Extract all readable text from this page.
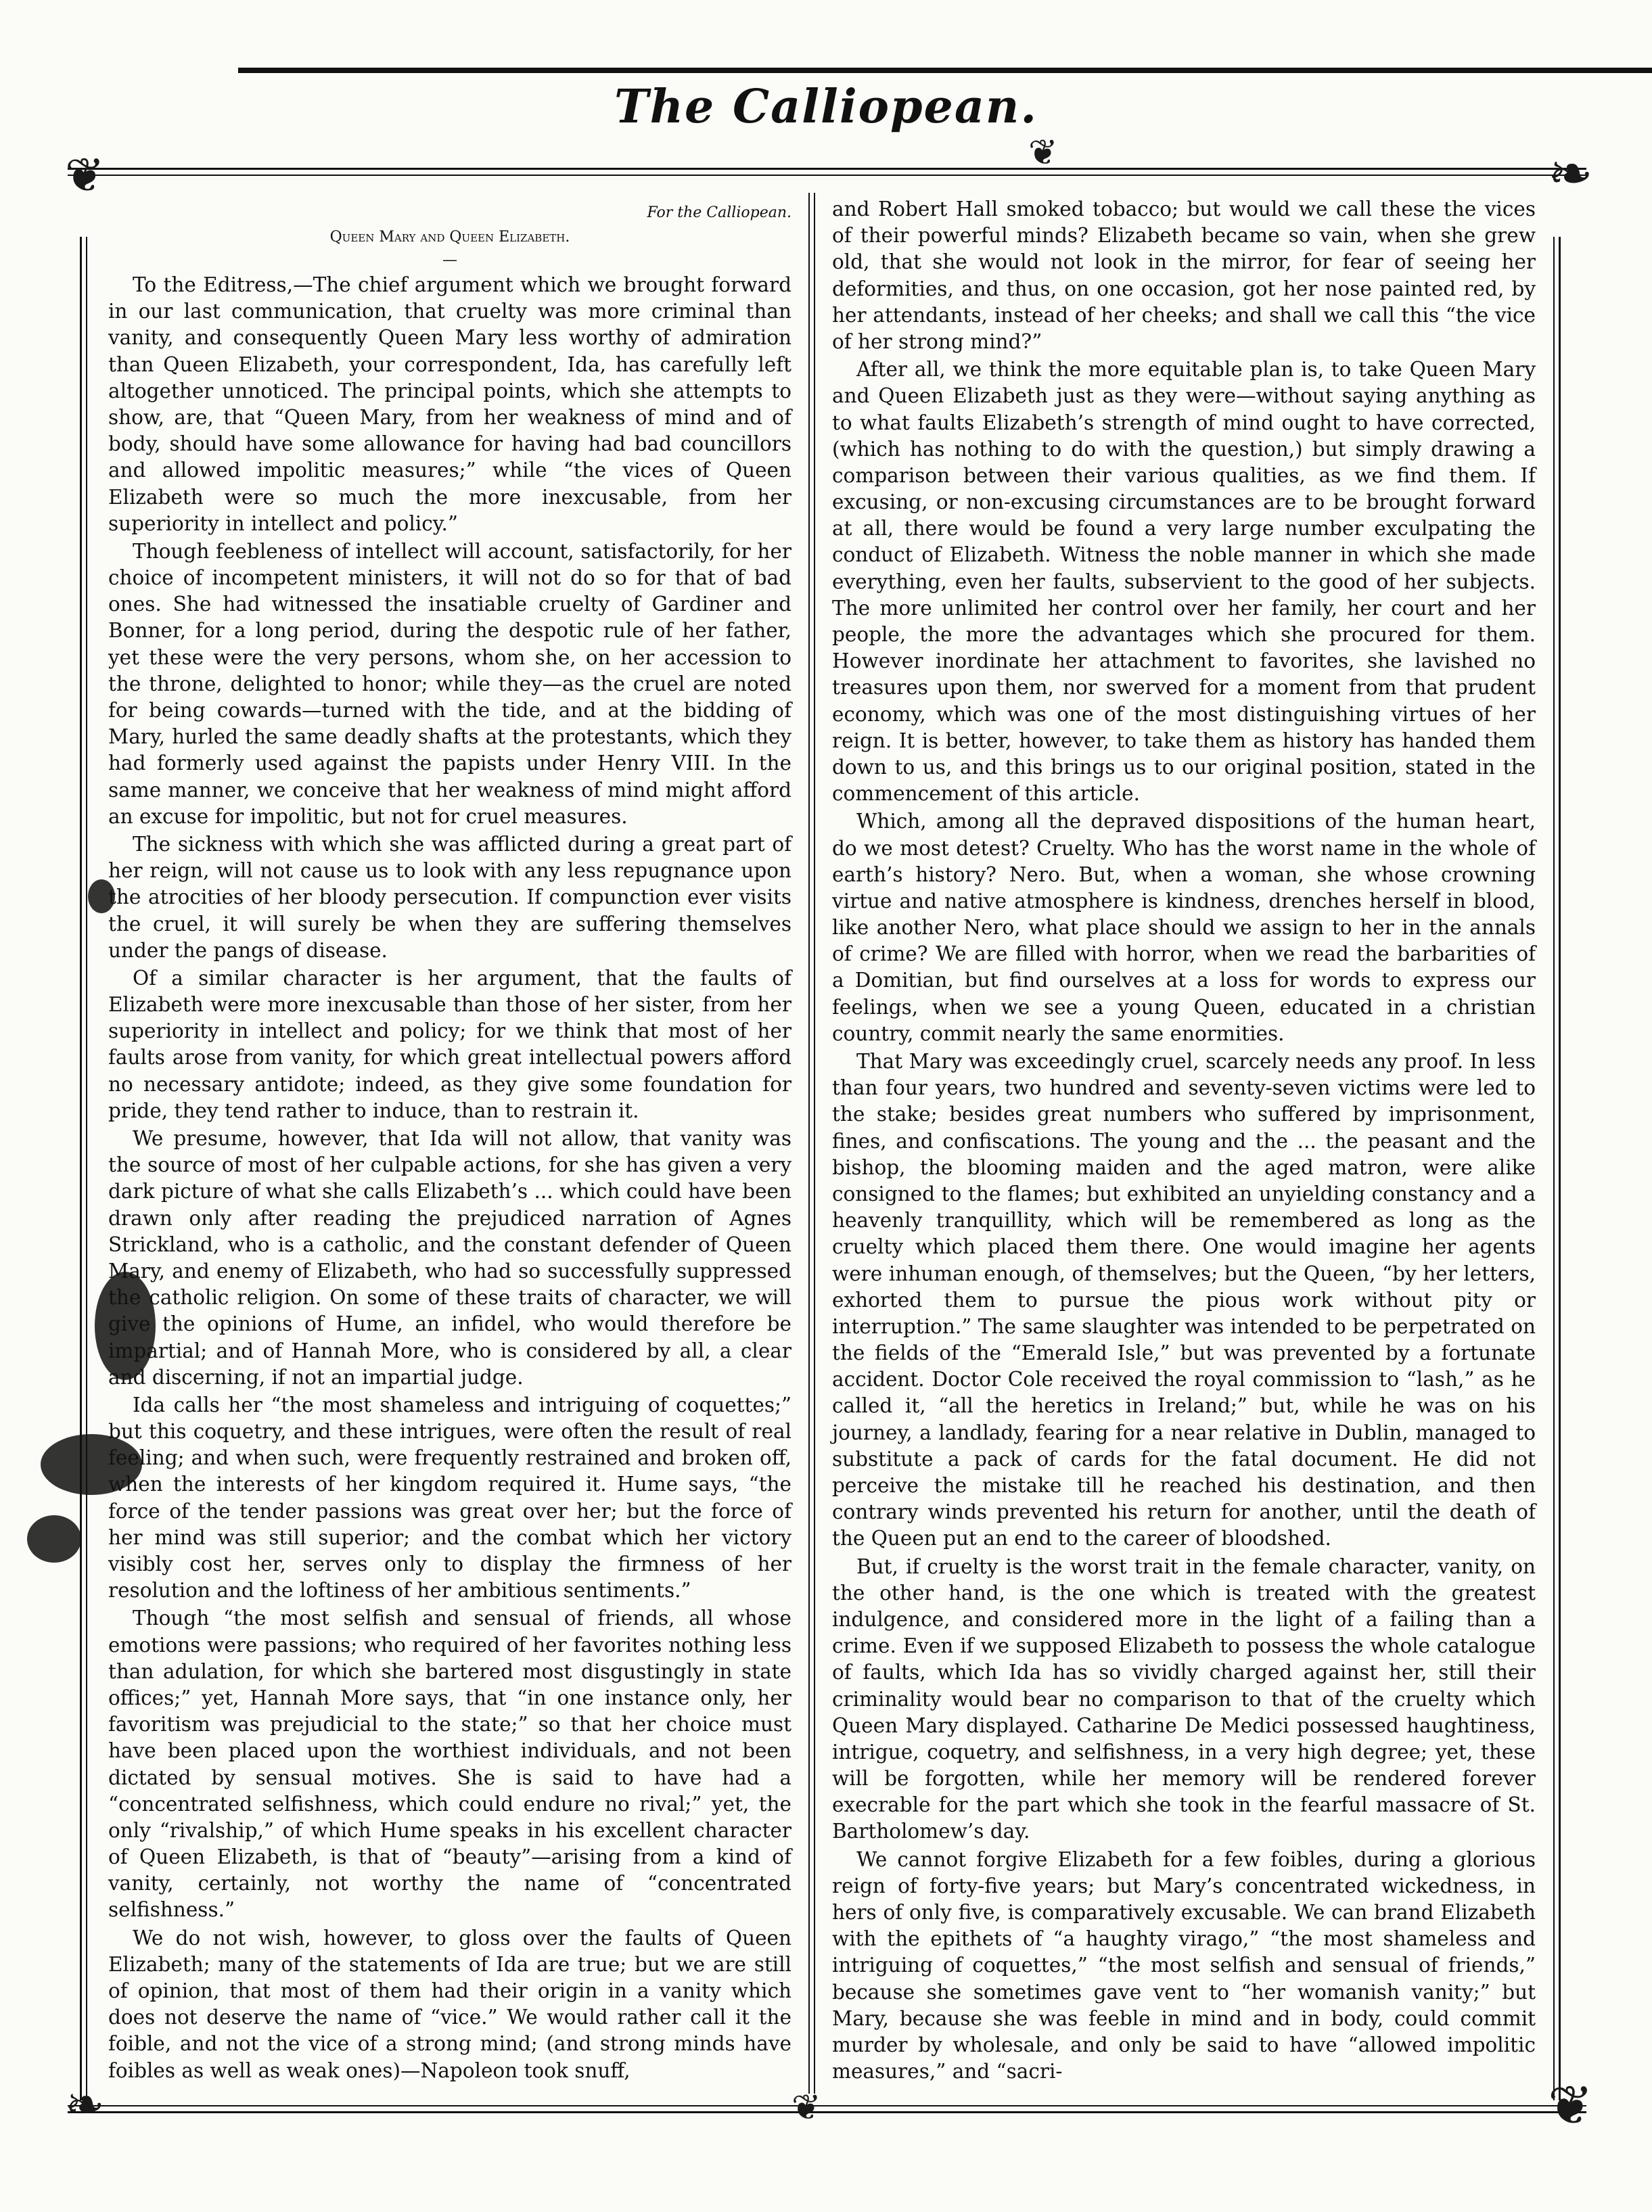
The Calliopean.
❦	❧
❧	❦
❦
❦
For the Calliopean.
Queen Mary and Queen Elizabeth.
—

To the Editress,—The chief argument which we brought forward in our last communication, that cruelty was more criminal than vanity, and consequently Queen Mary less worthy of admiration than Queen Elizabeth, your correspondent, Ida, has carefully left altogether unnoticed. The principal points, which she attempts to show, are, that “Queen Mary, from her weakness of mind and of body, should have some allowance for having had bad councillors and allowed impolitic measures;” while “the vices of Queen Elizabeth were so much the more inexcusable, from her superiority in intellect and policy.”

Though feebleness of intellect will account, satisfactorily, for her choice of incompetent ministers, it will not do so for that of bad ones. She had witnessed the insatiable cruelty of Gardiner and Bonner, for a long period, during the despotic rule of her father, yet these were the very persons, whom she, on her accession to the throne, delighted to honor; while they—as the cruel are noted for being cowards—turned with the tide, and at the bidding of Mary, hurled the same deadly shafts at the protestants, which they had formerly used against the papists under Henry VIII. In the same manner, we conceive that her weakness of mind might afford an excuse for impolitic, but not for cruel measures.

The sickness with which she was afflicted during a great part of her reign, will not cause us to look with any less repugnance upon the atrocities of her bloody persecution. If compunction ever visits the cruel, it will surely be when they are suffering themselves under the pangs of disease.

Of a similar character is her argument, that the faults of Elizabeth were more inexcusable than those of her sister, from her superiority in intellect and policy; for we think that most of her faults arose from vanity, for which great intellectual powers afford no necessary antidote; indeed, as they give some foundation for pride, they tend rather to induce, than to restrain it.

We presume, however, that Ida will not allow, that vanity was the source of most of her culpable actions, for she has given a very dark picture of what she calls Elizabeth’s ... which could have been drawn only after reading the prejudiced narration of Agnes Strickland, who is a catholic, and the constant defender of Queen Mary, and enemy of Elizabeth, who had so successfully suppressed the catholic religion. On some of these traits of character, we will give the opinions of Hume, an infidel, who would therefore be impartial; and of Hannah More, who is considered by all, a clear and discerning, if not an impartial judge.

Ida calls her “the most shameless and intriguing of coquettes;” but this coquetry, and these intrigues, were often the result of real feeling; and when such, were frequently restrained and broken off, when the interests of her kingdom required it. Hume says, “the force of the tender passions was great over her; but the force of her mind was still superior; and the combat which her victory visibly cost her, serves only to display the firmness of her resolution and the loftiness of her ambitious sentiments.”

Though “the most selfish and sensual of friends, all whose emotions were passions; who required of her favorites nothing less than adulation, for which she bartered most disgustingly in state offices;” yet, Hannah More says, that “in one instance only, her favoritism was prejudicial to the state;” so that her choice must have been placed upon the worthiest individuals, and not been dictated by sensual motives. She is said to have had a “concentrated selfishness, which could endure no rival;” yet, the only “rivalship,” of which Hume speaks in his excellent character of Queen Elizabeth, is that of “beauty”—arising from a kind of vanity, certainly, not worthy the name of “concentrated selfishness.”

We do not wish, however, to gloss over the faults of Queen Elizabeth; many of the statements of Ida are true; but we are still of opinion, that most of them had their origin in a vanity which does not deserve the name of “vice.” We would rather call it the foible, and not the vice of a strong mind; (and strong minds have foibles as well as weak ones)—Napoleon took snuff,

and Robert Hall smoked tobacco; but would we call these the vices of their powerful minds? Elizabeth became so vain, when she grew old, that she would not look in the mirror, for fear of seeing her deformities, and thus, on one occasion, got her nose painted red, by her attendants, instead of her cheeks; and shall we call this “the vice of her strong mind?”

After all, we think the more equitable plan is, to take Queen Mary and Queen Elizabeth just as they were—without saying anything as to what faults Elizabeth’s strength of mind ought to have corrected, (which has nothing to do with the question,) but simply drawing a comparison between their various qualities, as we find them. If excusing, or non-excusing circumstances are to be brought forward at all, there would be found a very large number exculpating the conduct of Elizabeth. Witness the noble manner in which she made everything, even her faults, subservient to the good of her subjects. The more unlimited her control over her family, her court and her people, the more the advantages which she procured for them. However inordinate her attachment to favorites, she lavished no treasures upon them, nor swerved for a moment from that prudent economy, which was one of the most distinguishing virtues of her reign. It is better, however, to take them as history has handed them down to us, and this brings us to our original position, stated in the commencement of this article.

Which, among all the depraved dispositions of the human heart, do we most detest? Cruelty. Who has the worst name in the whole of earth’s history? Nero. But, when a woman, she whose crowning virtue and native atmosphere is kindness, drenches herself in blood, like another Nero, what place should we assign to her in the annals of crime? We are filled with horror, when we read the barbarities of a Domitian, but find ourselves at a loss for words to express our feelings, when we see a young Queen, educated in a christian country, commit nearly the same enormities.

That Mary was exceedingly cruel, scarcely needs any proof. In less than four years, two hundred and seventy-seven victims were led to the stake; besides great numbers who suffered by imprisonment, fines, and confiscations. The young and the ... the peasant and the bishop, the blooming maiden and the aged matron, were alike consigned to the flames; but exhibited an unyielding constancy and a heavenly tranquillity, which will be remembered as long as the cruelty which placed them there. One would imagine her agents were inhuman enough, of themselves; but the Queen, “by her letters, exhorted them to pursue the pious work without pity or interruption.” The same slaughter was intended to be perpetrated on the fields of the “Emerald Isle,” but was prevented by a fortunate accident. Doctor Cole received the royal commission to “lash,” as he called it, “all the heretics in Ireland;” but, while he was on his journey, a landlady, fearing for a near relative in Dublin, managed to substitute a pack of cards for the fatal document. He did not perceive the mistake till he reached his destination, and then contrary winds prevented his return for another, until the death of the Queen put an end to the career of bloodshed.

But, if cruelty is the worst trait in the female character, vanity, on the other hand, is the one which is treated with the greatest indulgence, and considered more in the light of a failing than a crime. Even if we supposed Elizabeth to possess the whole catalogue of faults, which Ida has so vividly charged against her, still their criminality would bear no comparison to that of the cruelty which Queen Mary displayed. Catharine De Medici possessed haughtiness, intrigue, coquetry, and selfishness, in a very high degree; yet, these will be forgotten, while her memory will be rendered forever execrable for the part which she took in the fearful massacre of St. Bartholomew’s day.

We cannot forgive Elizabeth for a few foibles, during a glorious reign of forty-five years; but Mary’s concentrated wickedness, in hers of only five, is comparatively excusable. We can brand Elizabeth with the epithets of “a haughty virago,” “the most shameless and intriguing of coquettes,” “the most selfish and sensual of friends,” because she sometimes gave vent to “her womanish vanity;” but Mary, because she was feeble in mind and in body, could commit murder by wholesale, and only be said to have “allowed impolitic measures,” and “sacri-
